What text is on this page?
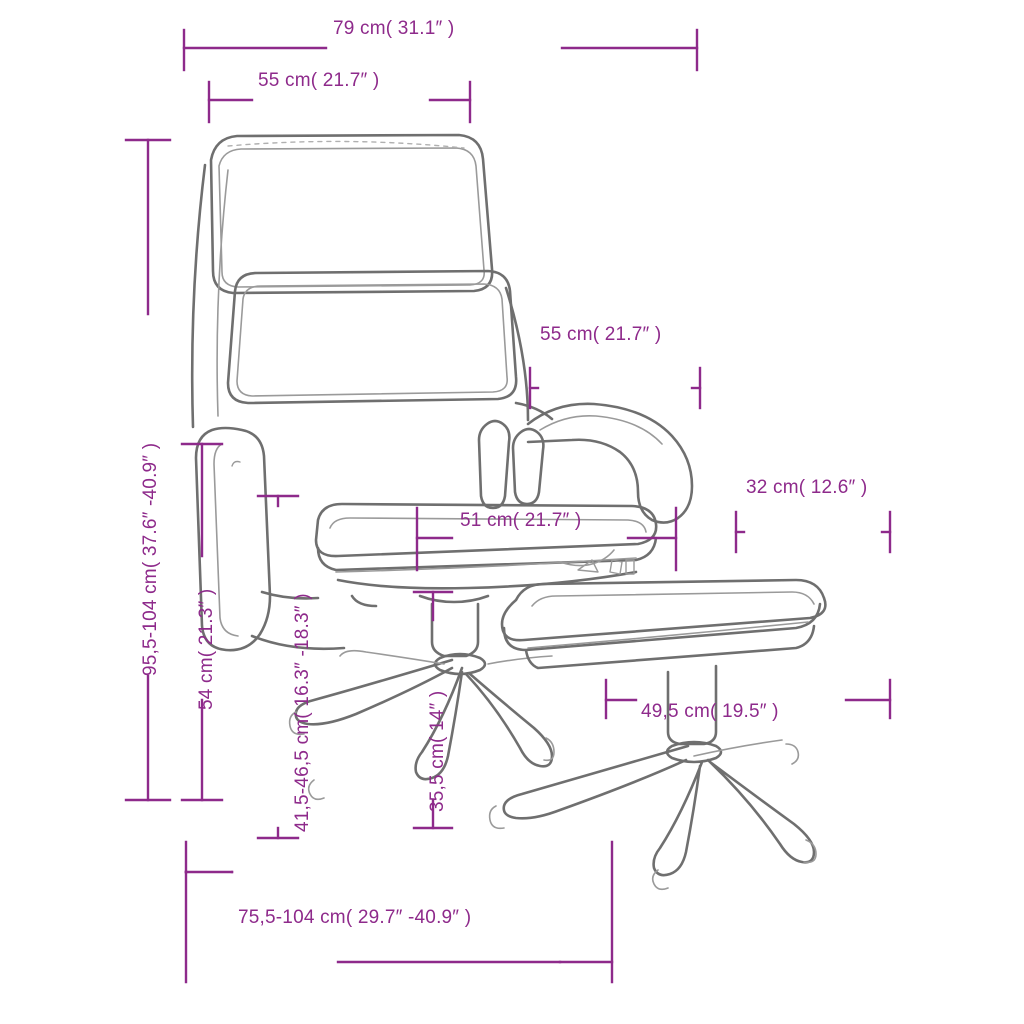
79 cm( 31.1″ )
55 cm( 21.7″ )
55 cm( 21.7″ )
51 cm( 21.7″ )
32 cm( 12.6″ )
49,5 cm( 19.5″ )
75,5-104 cm( 29.7″ -40.9″ )
95,5-104 cm( 37.6″ -40.9″ ) 54 cm( 21.3″ )	41,5-46,5 cm( 16.3″ -18.3″ )	35,5 cm( 14″ )
